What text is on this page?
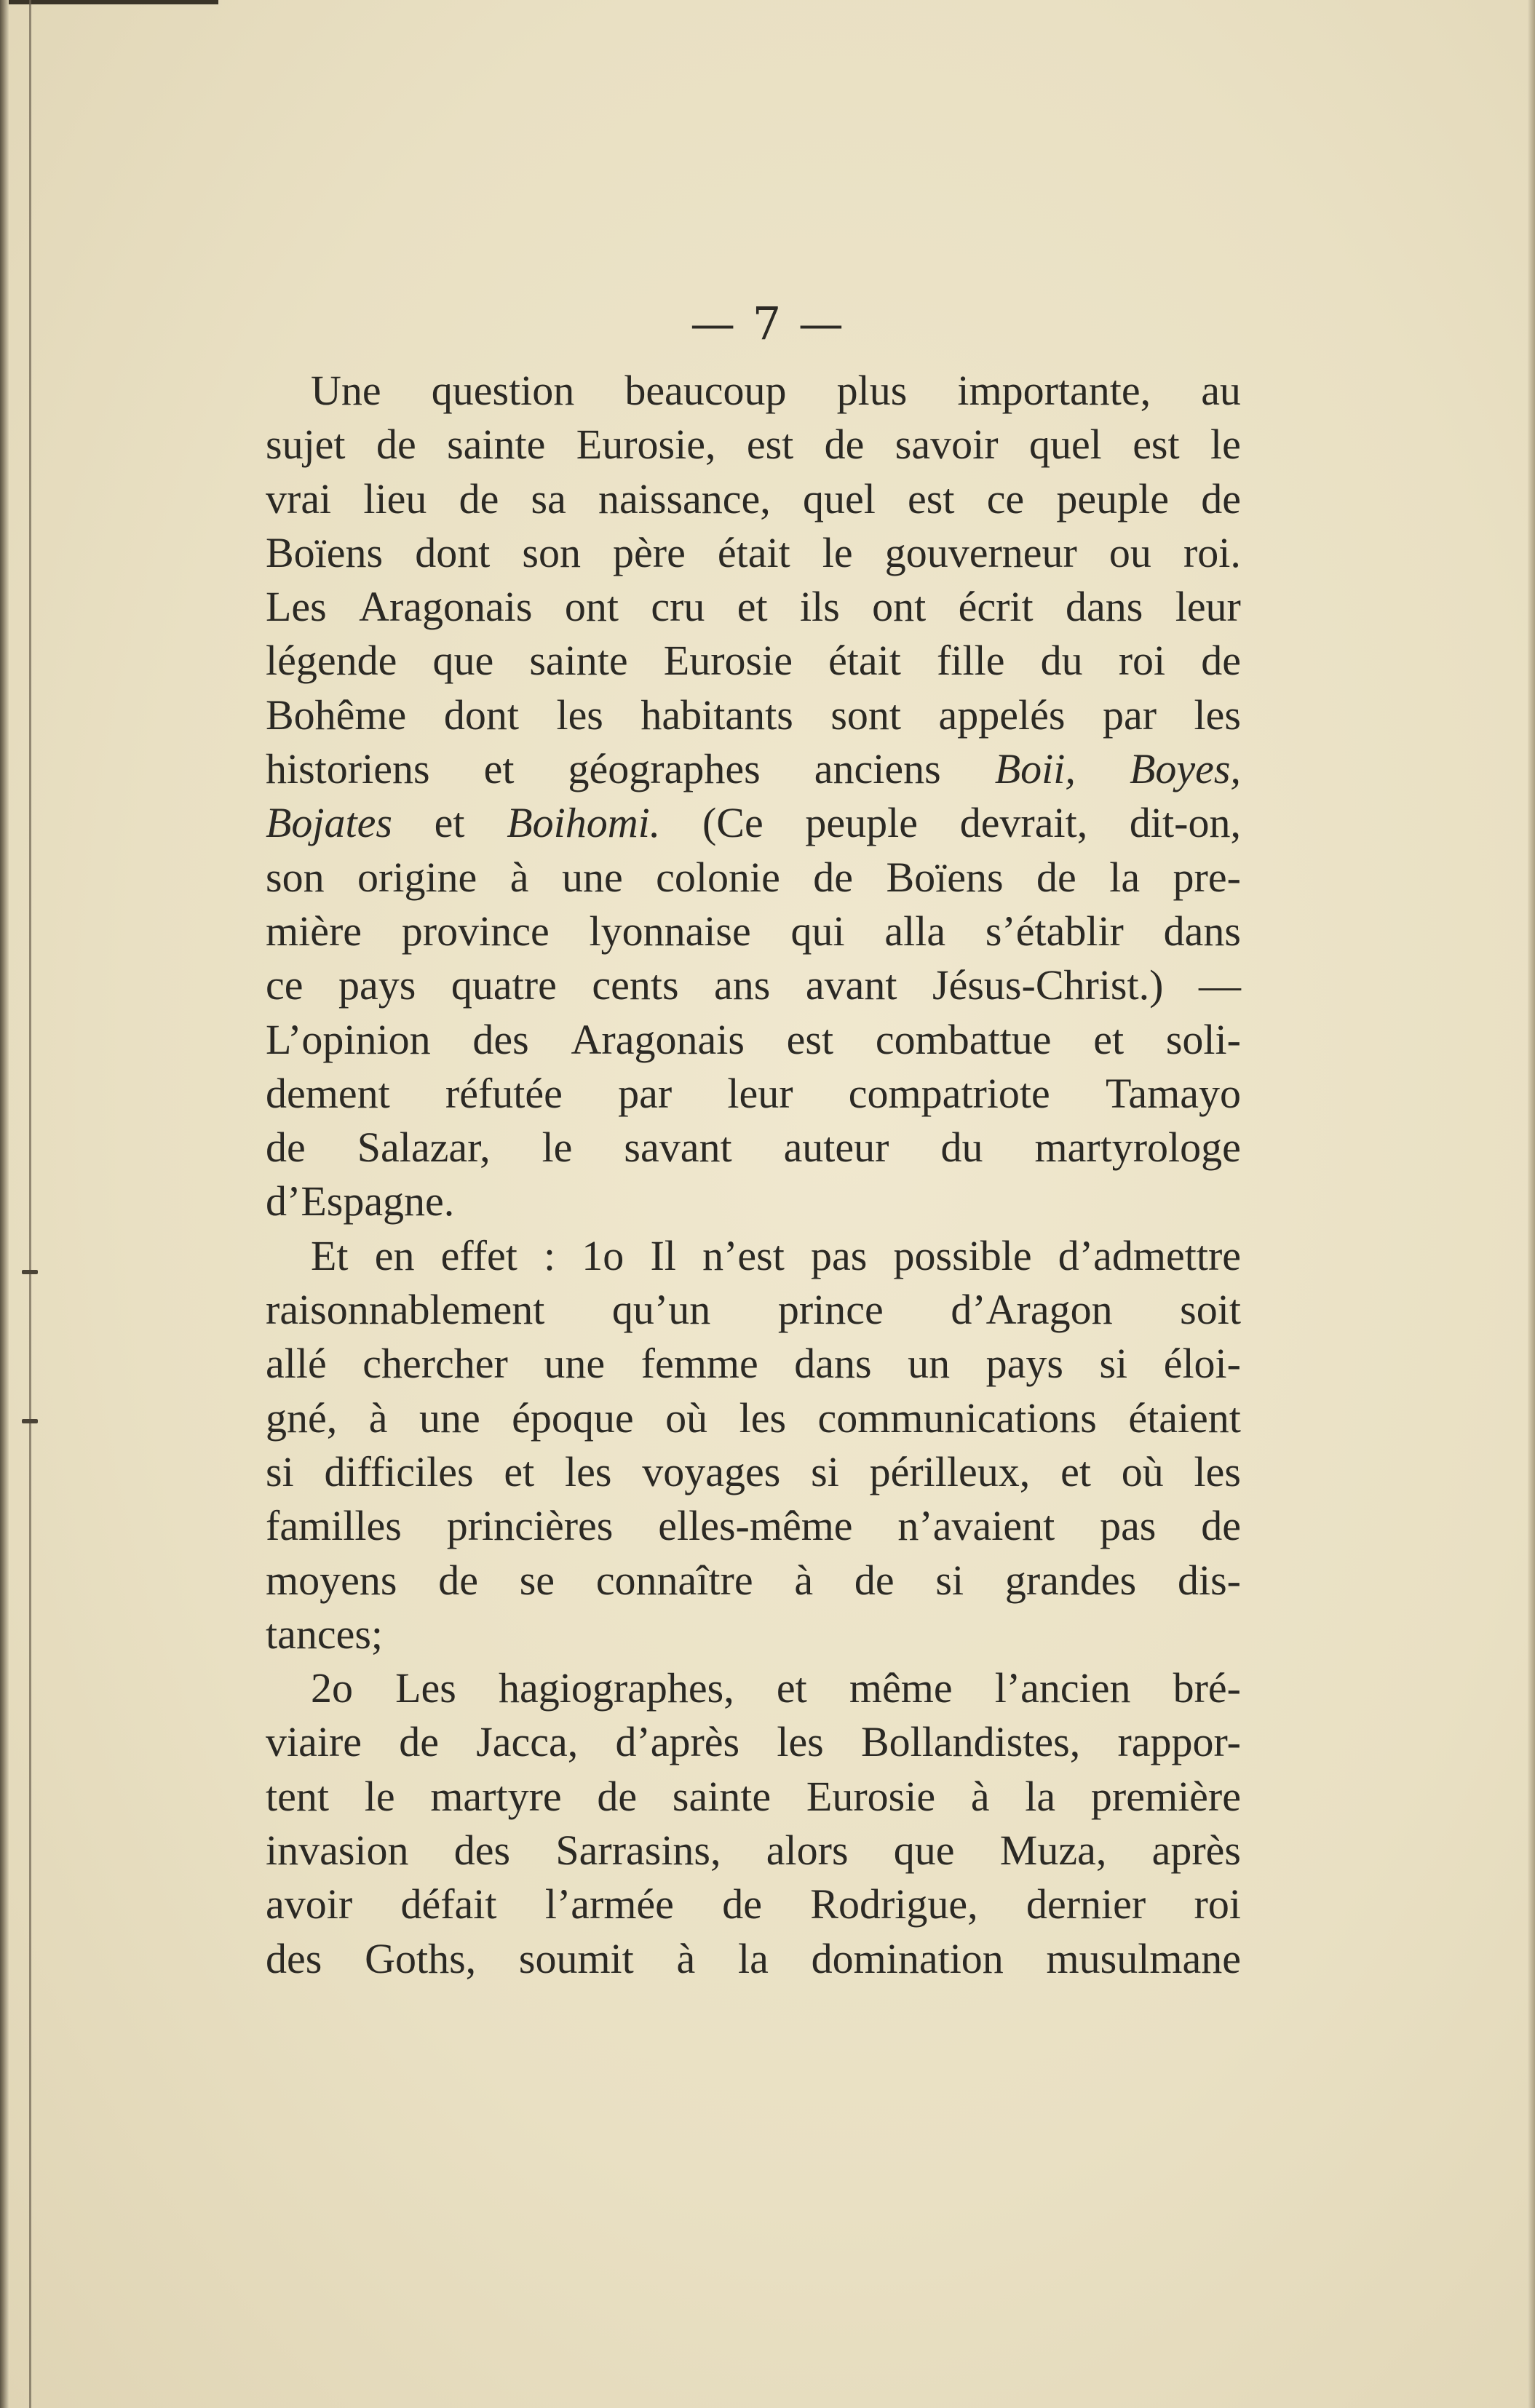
— 7 —
Une question beaucoup plus importante, au
sujet de sainte Eurosie, est de savoir quel est le
vrai lieu de sa naissance, quel est ce peuple de
Boïens dont son père était le gouverneur ou roi.
Les Aragonais ont cru et ils ont écrit dans leur
légende que sainte Eurosie était fille du roi de
Bohême dont les habitants sont appelés par les
historiens et géographes anciens Boii, Boyes,
Bojates et Boihomi. (Ce peuple devrait, dit-on,
son origine à une colonie de Boïens de la pre-
mière province lyonnaise qui alla s’établir dans
ce pays quatre cents ans avant Jésus-Christ.) —
L’opinion des Aragonais est combattue et soli-
dement réfutée par leur compatriote Tamayo
de Salazar, le savant auteur du martyrologe
d’Espagne.
Et en effet : 1o Il n’est pas possible d’admettre
raisonnablement qu’un prince d’Aragon soit
allé chercher une femme dans un pays si éloi-
gné, à une époque où les communications étaient
si difficiles et les voyages si périlleux, et où les
familles princières elles-même n’avaient pas de
moyens de se connaître à de si grandes dis-
tances;
2o Les hagiographes, et même l’ancien bré-
viaire de Jacca, d’après les Bollandistes, rappor-
tent le martyre de sainte Eurosie à la première
invasion des Sarrasins, alors que Muza, après
avoir défait l’armée de Rodrigue, dernier roi
des Goths, soumit à la domination musulmane
